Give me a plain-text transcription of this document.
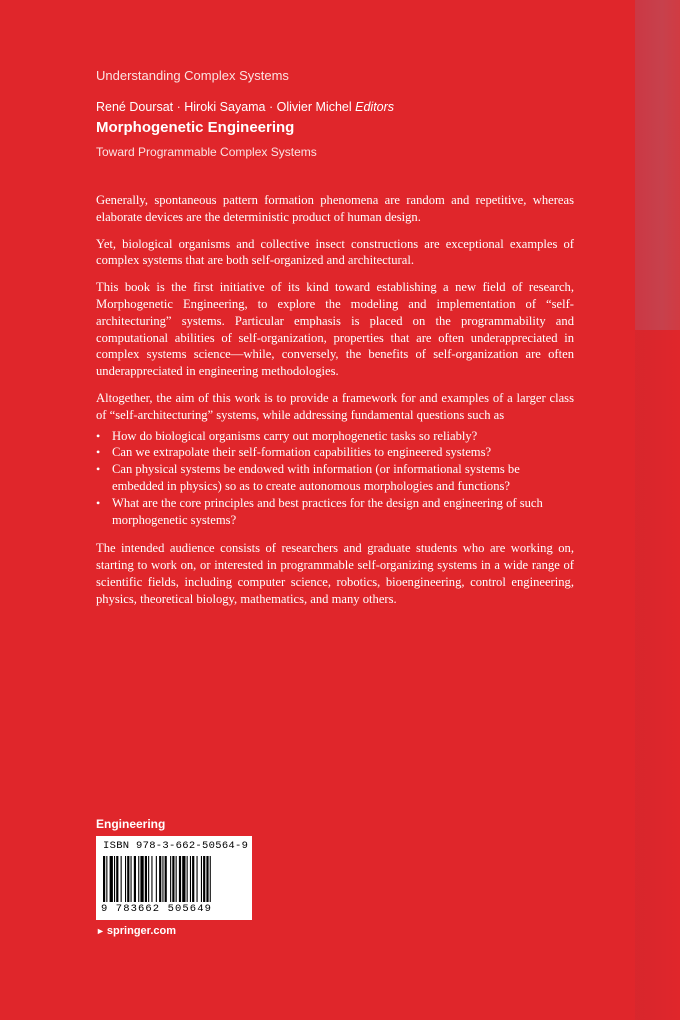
Understanding Complex Systems
René Doursat · Hiroki Sayama · Olivier Michel Editors
Morphogenetic Engineering
Toward Programmable Complex Systems

Generally, spontaneous pattern formation phenomena are random and repetitive, whereas elaborate devices are the deterministic product of human design.

Yet, biological organisms and collective insect constructions are exceptional examples of complex systems that are both self-organized and architectural.

This book is the first initiative of its kind toward establishing a new field of research, Morphogenetic Engineering, to explore the modeling and implementation of “self-architecturing” systems. Particular emphasis is placed on the programmability and computational abilities of self-organization, properties that are often underappreciated in complex systems science—while, conversely, the benefits of self-organization are often underappreciated in engineering methodologies.

Altogether, the aim of this work is to provide a framework for and examples of a larger class of “self-architecturing” systems, while addressing fundamental questions such as

• How do biological organisms carry out morphogenetic tasks so reliably?
• Can we extrapolate their self-formation capabilities to engineered systems?
• Can physical systems be endowed with information (or informational systems be embedded in physics) so as to create autonomous morphologies and functions?
• What are the core principles and best practices for the design and engineering of such morphogenetic systems?

The intended audience consists of researchers and graduate students who are working on, starting to work on, or interested in programmable self-organizing systems in a wide range of scientific fields, including computer science, robotics, bioengineering, control engineering, physics, theoretical biology, mathematics, and many others.

Engineering
ISBN 978-3-662-50564-9
9 783662 505649
► springer.com
